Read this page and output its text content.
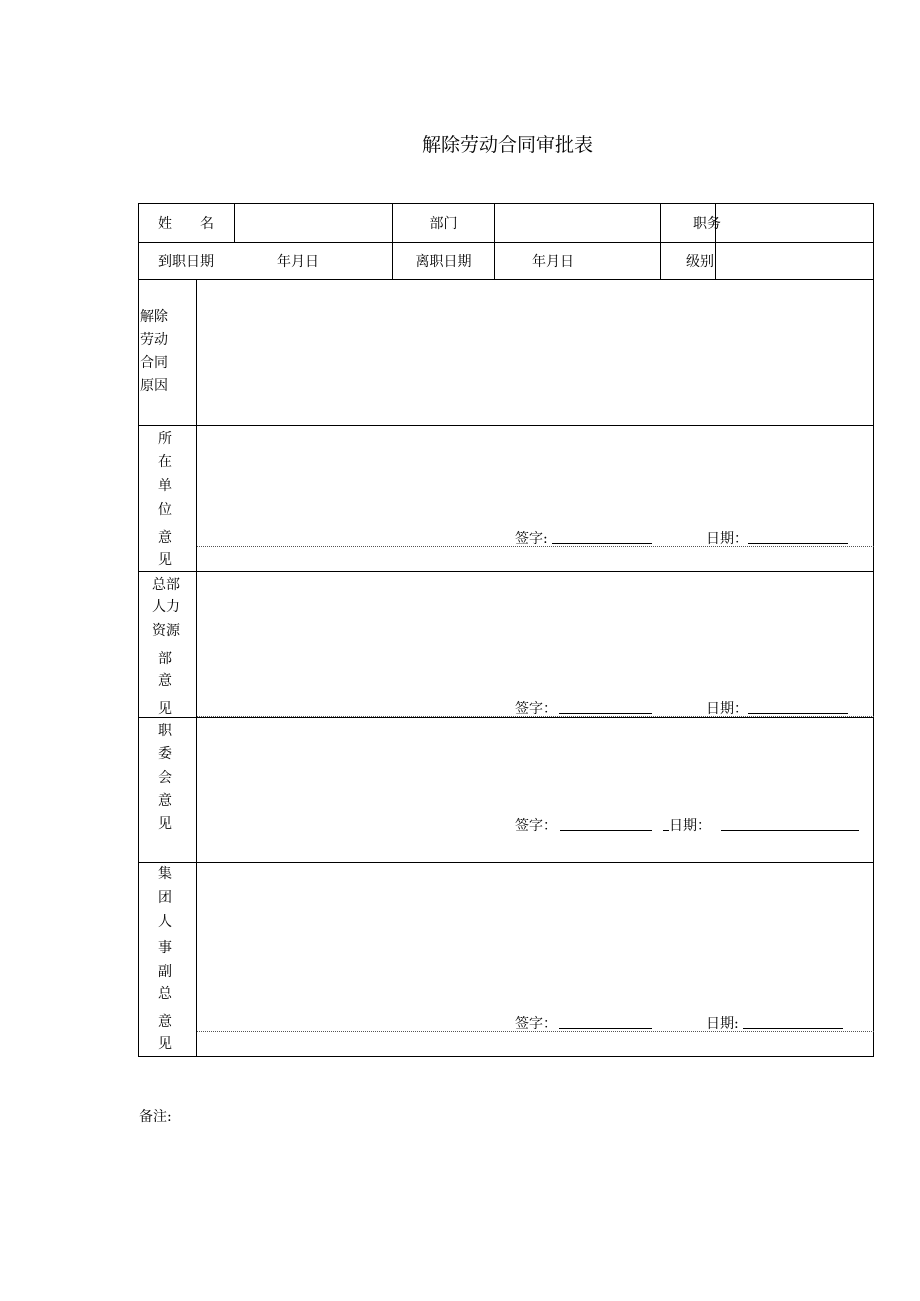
解除劳动合同审批表
姓　　名	部门	职务
到职日期	年月日	离职日期	年月日	级别
解除
劳动
合同
原因
所
在
单
位
意
见
签字:	日期：
总部
人力
资源
部
意
见	签字：	日期：
职
委
会
意
见	签字：	日期：
集
团
人
事
副
总
意
见
签字：	日期:
备注:
